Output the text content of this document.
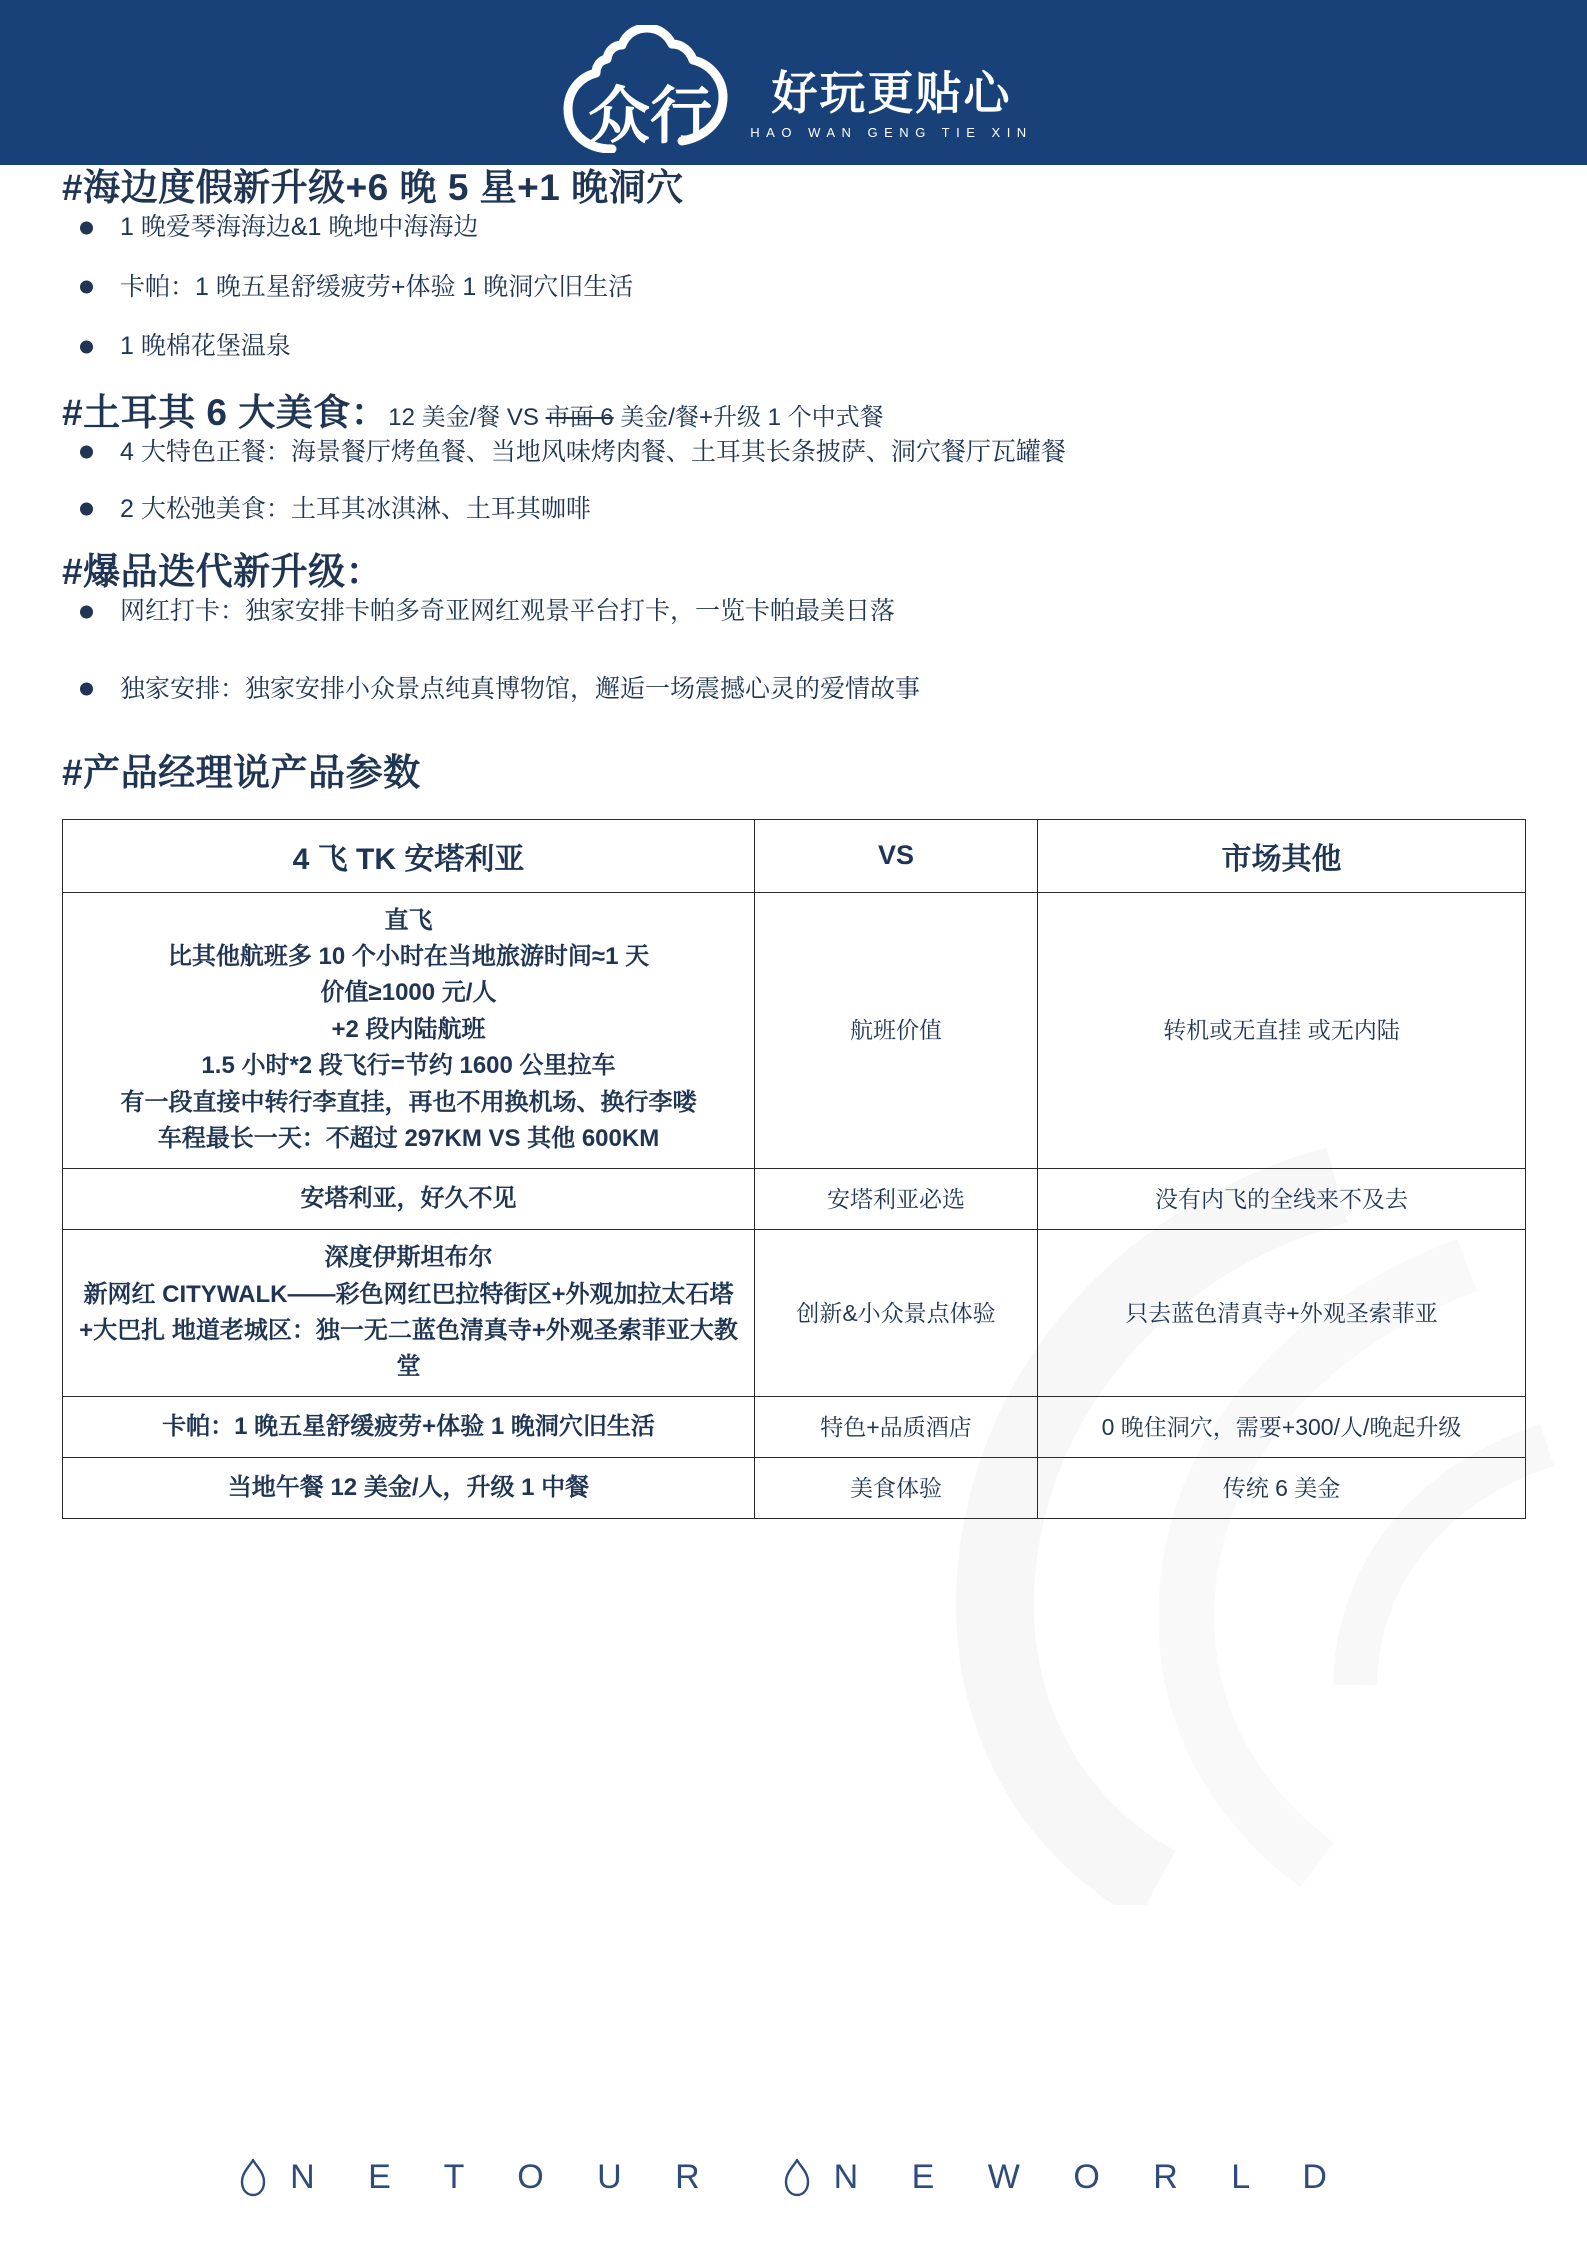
众行 好玩更贴心
HAO WAN GENG TIE XIN
#海边度假新升级+6 晚 5 星+1 晚洞穴
1 晚爱琴海海边&1 晚地中海海边
卡帕：1 晚五星舒缓疲劳+体验 1 晚洞穴旧生活
1 晚棉花堡温泉
#土耳其 6 大美食：12 美金/餐 VS 市面 6 美金/餐+升级 1 个中式餐
4 大特色正餐：海景餐厅烤鱼餐、当地风味烤肉餐、土耳其长条披萨、洞穴餐厅瓦罐餐
2 大松弛美食：土耳其冰淇淋、土耳其咖啡
#爆品迭代新升级：
网红打卡：独家安排卡帕多奇亚网红观景平台打卡，一览卡帕最美日落
独家安排：独家安排小众景点纯真博物馆，邂逅一场震撼心灵的爱情故事
#产品经理说产品参数
4 飞 TK 安塔利亚	VS	市场其他

直飞
比其他航班多 10 个小时在当地旅游时间≈1 天
价值≥1000 元/人
+2 段内陆航班
1.5 小时*2 段飞行=节约 1600 公里拉车
有一段直接中转行李直挂，再也不用换机场、换行李喽
车程最长一天：不超过 297KM VS 其他 600KM
	航班价值	转机或无直挂 或无内陆
安塔利亚，好久不见	安塔利亚必选	没有内飞的全线来不及去

深度伊斯坦布尔
新网红 CITYWALK——彩色网红巴拉特街区+外观加拉太石塔+大巴扎 地道老城区：独一无二蓝色清真寺+外观圣索菲亚大教堂	创新&小众景点体验	只去蓝色清真寺+外观圣索菲亚
卡帕：1 晚五星舒缓疲劳+体验 1 晚洞穴旧生活	特色+品质酒店	0 晚住洞穴，需要+300/人/晚起升级
当地午餐 12 美金/人，升级 1 中餐	美食体验	传统 6 美金
N E T O U R	N E W O R L D
